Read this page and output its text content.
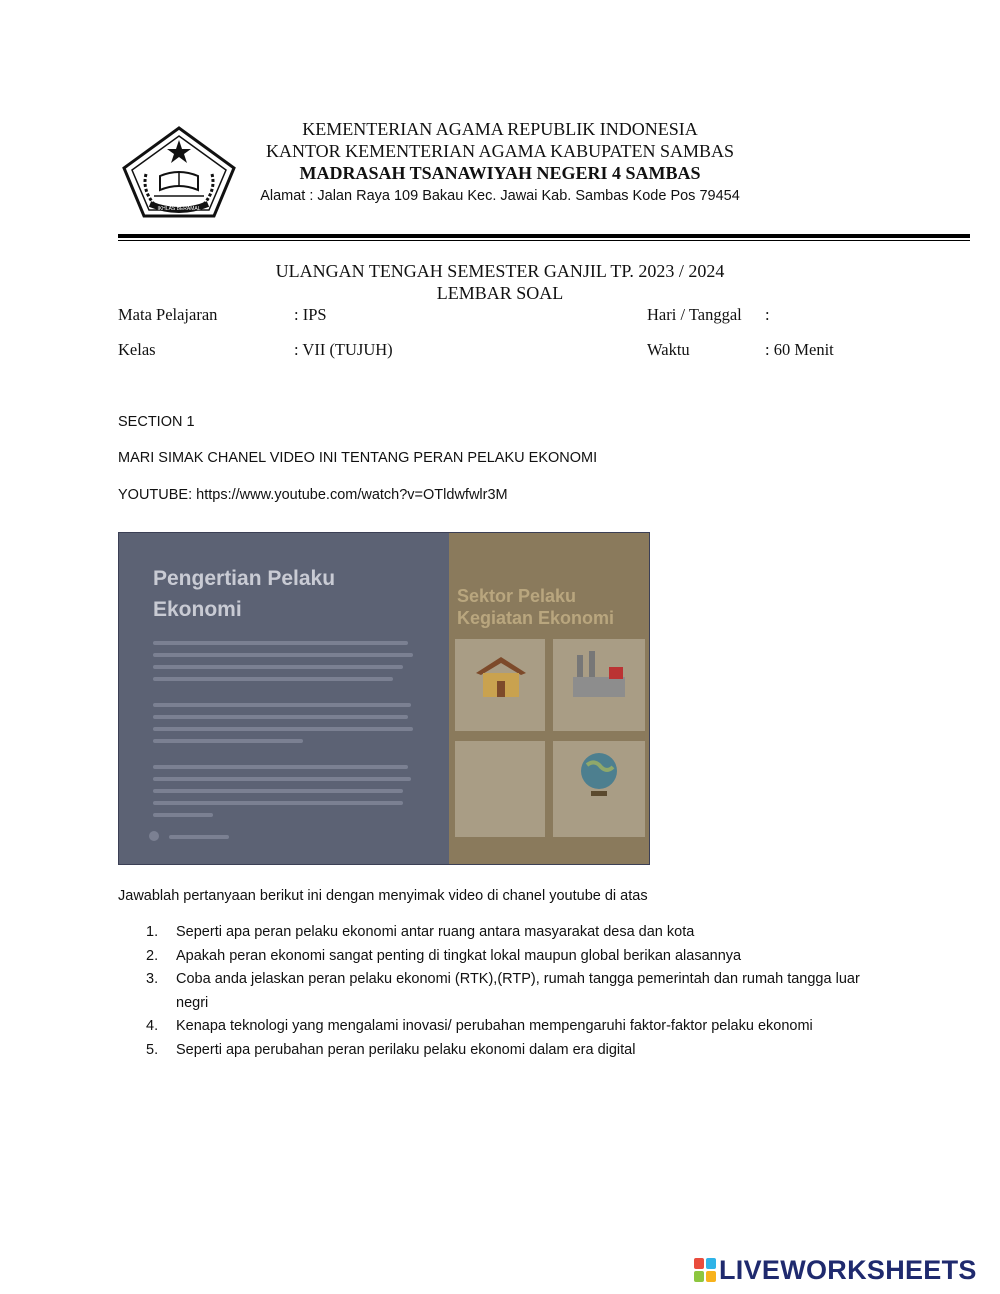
IKHLAS BERAMAL
KEMENTERIAN AGAMA REPUBLIK INDONESIA
KANTOR KEMENTERIAN AGAMA KABUPATEN SAMBAS
MADRASAH TSANAWIYAH NEGERI 4 SAMBAS
Alamat : Jalan Raya 109 Bakau Kec. Jawai Kab. Sambas Kode Pos 79454
ULANGAN TENGAH SEMESTER GANJIL TP. 2023 / 2024
LEMBAR SOAL
Mata Pelajaran	: IPS	Hari / Tanggal :
Kelas	: VII (TUJUH)	Waktu	: 60 Menit
SECTION 1
MARI SIMAK CHANEL VIDEO INI TENTANG PERAN PELAKU EKONOMI
YOUTUBE: https://www.youtube.com/watch?v=OTldwfwlr3M
Pengertian Pelaku Ekonomi
Sektor Pelaku Kegiatan Ekonomi
Jawablah pertanyaan berikut ini dengan menyimak video di chanel youtube di atas
1. Seperti apa peran pelaku ekonomi antar ruang antara masyarakat desa dan kota
2. Apakah peran ekonomi sangat penting di tingkat lokal maupun global berikan alasannya
3. Coba anda jelaskan peran pelaku ekonomi (RTK),(RTP), rumah tangga pemerintah dan rumah tangga luar negri
4. Kenapa teknologi yang mengalami inovasi/ perubahan mempengaruhi faktor-faktor pelaku ekonomi
5. Seperti apa perubahan peran perilaku pelaku ekonomi dalam era digital
LIVEWORKSHEETS
